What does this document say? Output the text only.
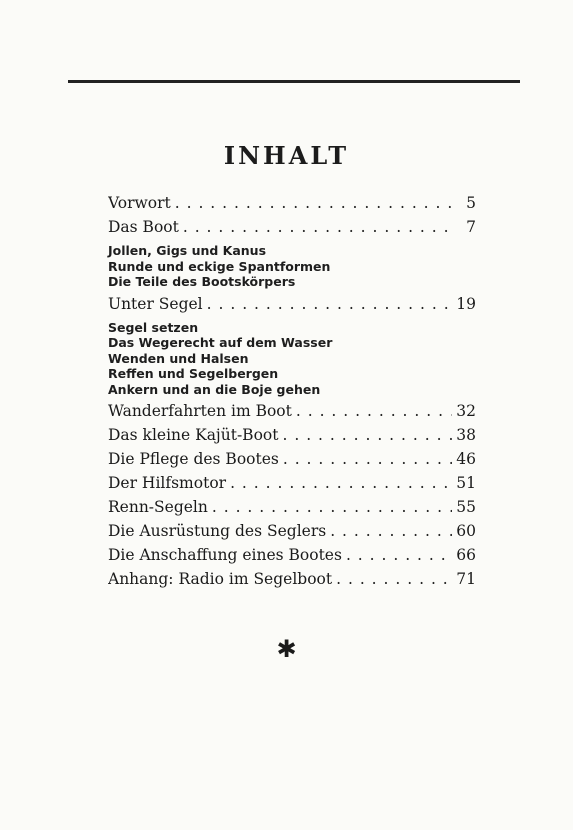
INHALT
Vorwort . . .	5
Das Boot . . .	7
Jollen, Gigs und Kanus
Runde und eckige Spantformen
Die Teile des Bootskörpers
Unter Segel . . .	19
Segel setzen
Das Wegerecht auf dem Wasser
Wenden und Halsen
Reffen und Segelbergen
Ankern und an die Boje gehen
Wanderfahrten im Boot . . .	32
Das kleine Kajüt-Boot . . .	38
Die Pflege des Bootes . . .	46
Der Hilfsmotor . . .	51
Renn-Segeln . . .	55
Die Ausrüstung des Seglers . . .	60
Die Anschaffung eines Bootes . . .	66
Anhang: Radio im Segelboot . . .	71
✱
